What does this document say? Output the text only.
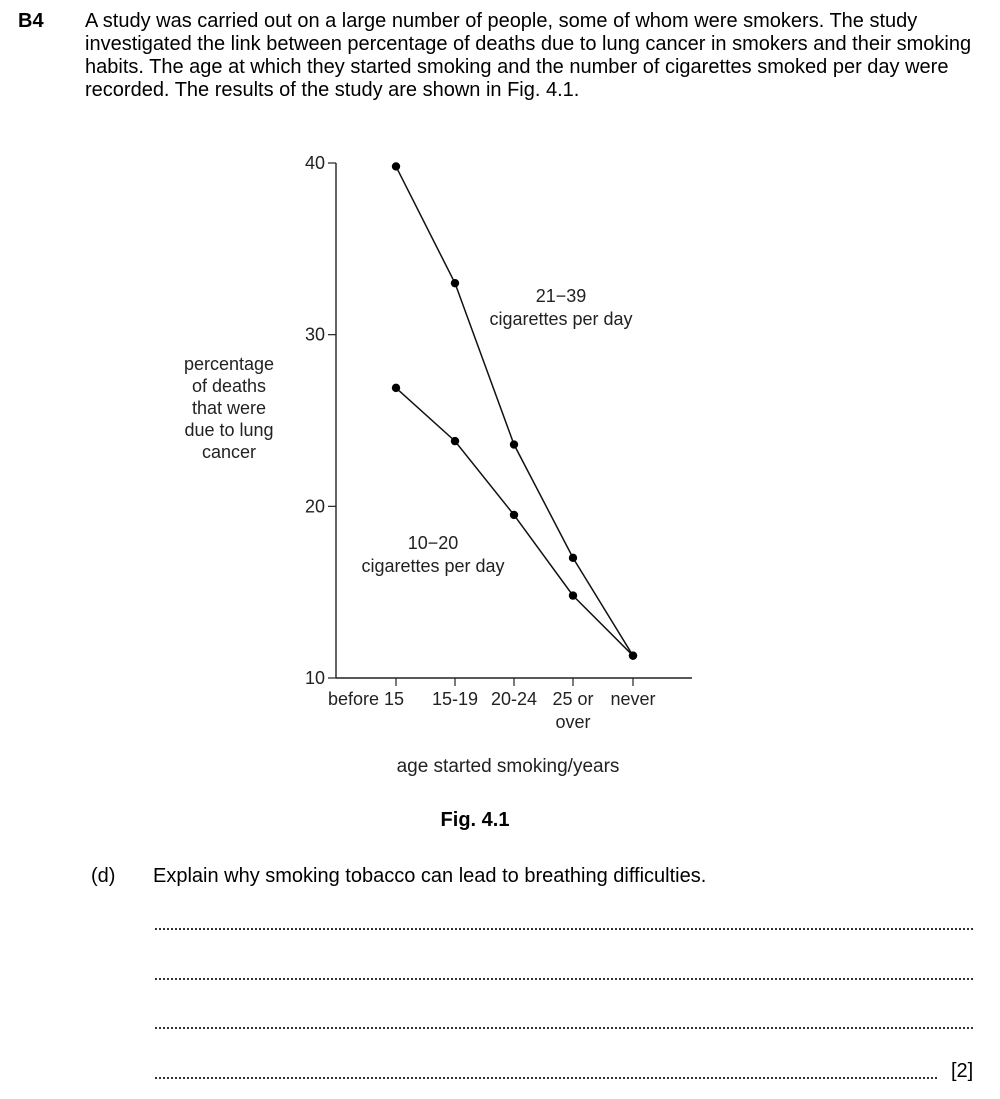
B4 A study was carried out on a large number of people, some of whom were smokers. The study investigated the link between percentage of deaths due to lung cancer in smokers and their smoking habits. The age at which they started smoking and the number of cigarettes smoked per day were recorded. The results of the study are shown in Fig. 4.1.

10
20
30
40
before 15 15-19 20-24 25 or
over
never
percentage
of deaths
that were
due to lung
cancer
age started smoking/years
21−39
cigarettes per day
10−20
cigarettes per day
Fig. 4.1
(d) Explain why smoking tobacco can lead to breathing difficulties.
[2]
